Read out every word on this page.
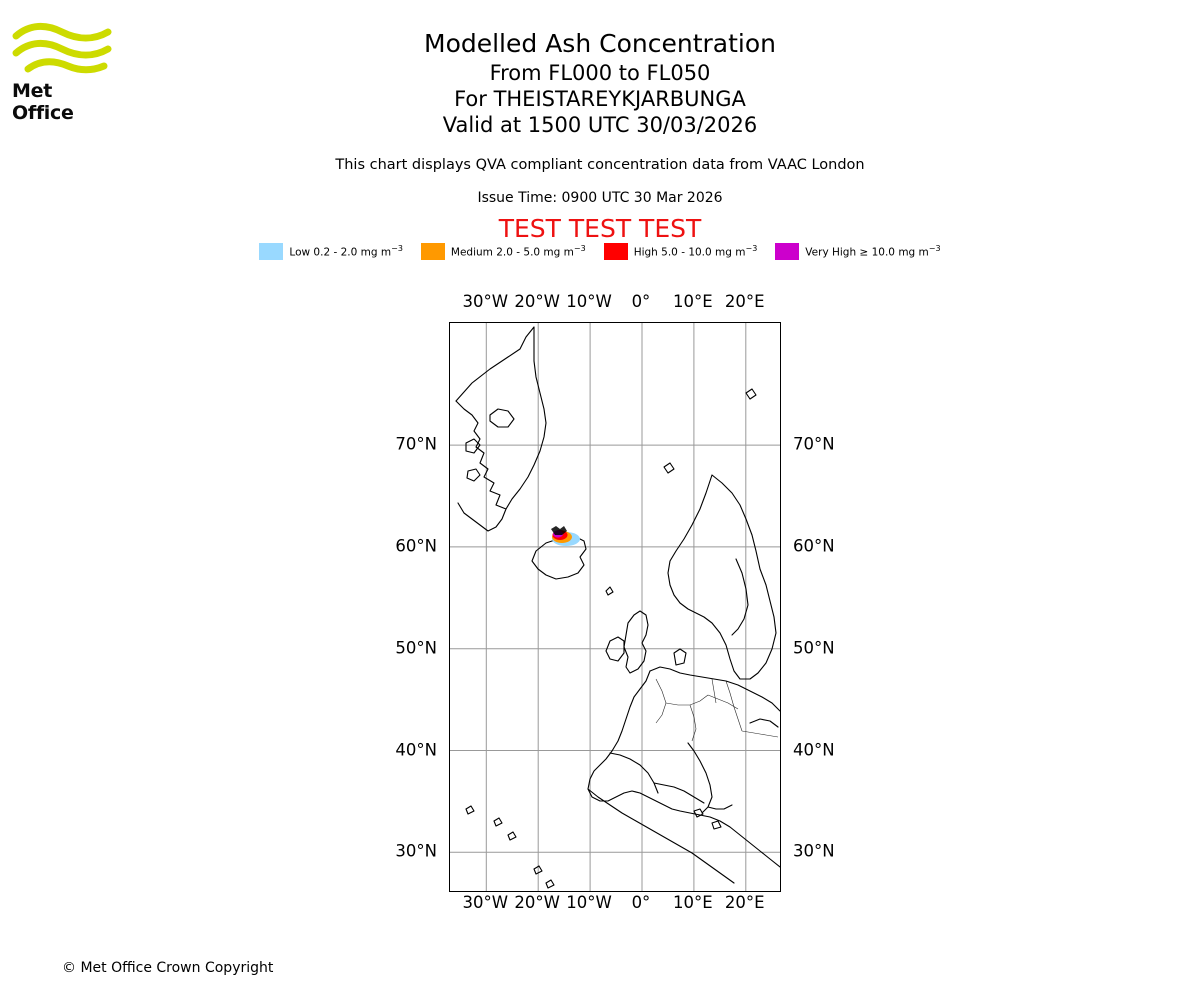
Met Office
Modelled Ash Concentration
From FL000 to FL050
For THEISTAREYKJARBUNGA
Valid at 1500 UTC 30/03/2026
This chart displays QVA compliant concentration data from VAAC London
Issue Time: 0900 UTC 30 Mar 2026
TEST TEST TEST
Low 0.2 - 2.0 mg $m^{-3}$	Medium 2.0 - 5.0 mg $m^{-3}$	High 5.0 - 10.0 mg $m^{-3}$	Very High ≥ 10.0 mg $m^{-3}$
30°W 20°W 10°W 0° 10°E 20°E
30°N
40°N
50°N
60°N
70°N
30°N
40°N
50°N
60°N
70°N
30°W 20°W 10°W 0° 10°E 20°E
© Met Office Crown Copyright
